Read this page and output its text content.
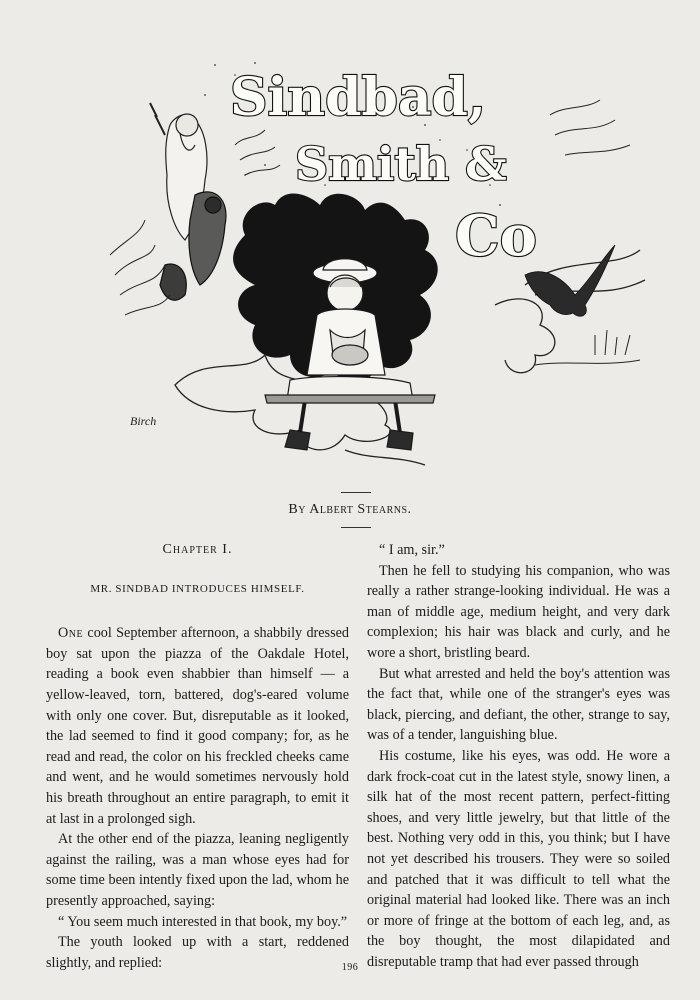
Sindbad,
Smith &
Co
Birch
By Albert Stearns.
Chapter I.
MR. SINDBAD INTRODUCES HIMSELF.

One cool September afternoon, a shabbily dressed boy sat upon the piazza of the Oakdale Hotel, reading a book even shabbier than himself — a yellow-leaved, torn, battered, dog's-eared volume with only one cover. But, disreputable as it looked, the lad seemed to find it good company; for, as he read and read, the color on his freckled cheeks came and went, and he would sometimes nervously hold his breath throughout an entire paragraph, to emit it at last in a prolonged sigh.

At the other end of the piazza, leaning negligently against the railing, was a man whose eyes had for some time been intently fixed upon the lad, whom he presently approached, saying:

“ You seem much interested in that book, my boy.”

The youth looked up with a start, reddened slightly, and replied:

“ I am, sir.”

Then he fell to studying his companion, who was really a rather strange-looking individual. He was a man of middle age, medium height, and very dark complexion; his hair was black and curly, and he wore a short, bristling beard.

But what arrested and held the boy's attention was the fact that, while one of the stranger's eyes was black, piercing, and defiant, the other, strange to say, was of a tender, languishing blue.

His costume, like his eyes, was odd. He wore a dark frock-coat cut in the latest style, snowy linen, a silk hat of the most recent pattern, perfect-fitting shoes, and very little jewelry, but that little of the best. Nothing very odd in this, you think; but I have not yet described his trousers. They were so soiled and patched that it was difficult to tell what the original material had looked like. There was an inch or more of fringe at the bottom of each leg, and, as the boy thought, the most dilapidated and disreputable tramp that had ever passed through

196
